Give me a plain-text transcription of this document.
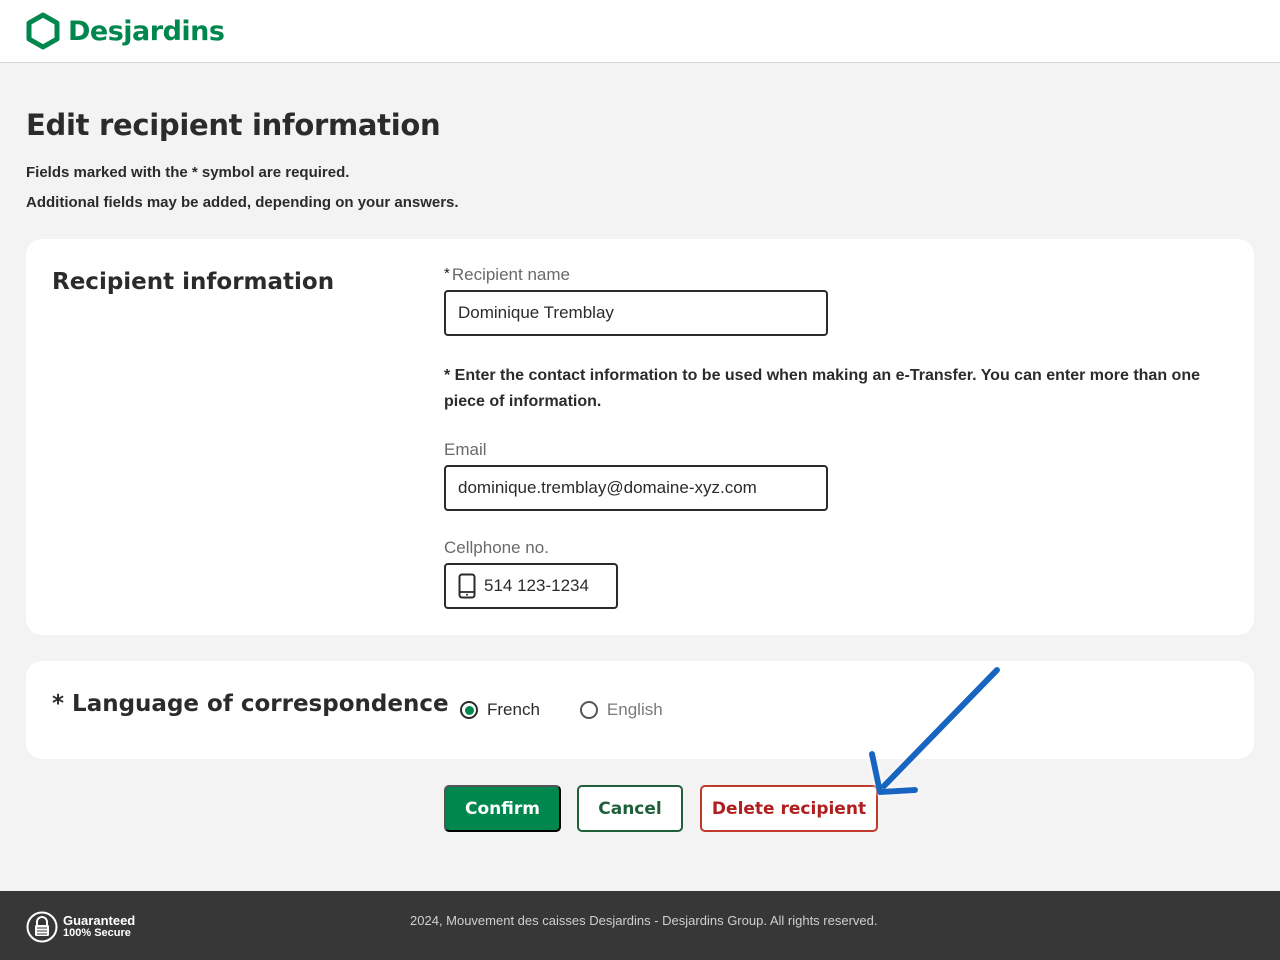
Desjardins
Edit recipient information

Fields marked with the * symbol are required.

Additional fields may be added, depending on your answers.

Recipient information	* Recipient name
Dominique Tremblay

* Enter the contact information to be used when making an e-Transfer. You can enter more than one piece of information.

Email
dominique.tremblay@domaine-xyz.com
Cellphone no.
514 123-1234
* Language of correspondence French	English
Confirm	Cancel	Delete recipient
Guaranteed
100% Secure

2024, Mouvement des caisses Desjardins - Desjardins Group. All rights reserved.
